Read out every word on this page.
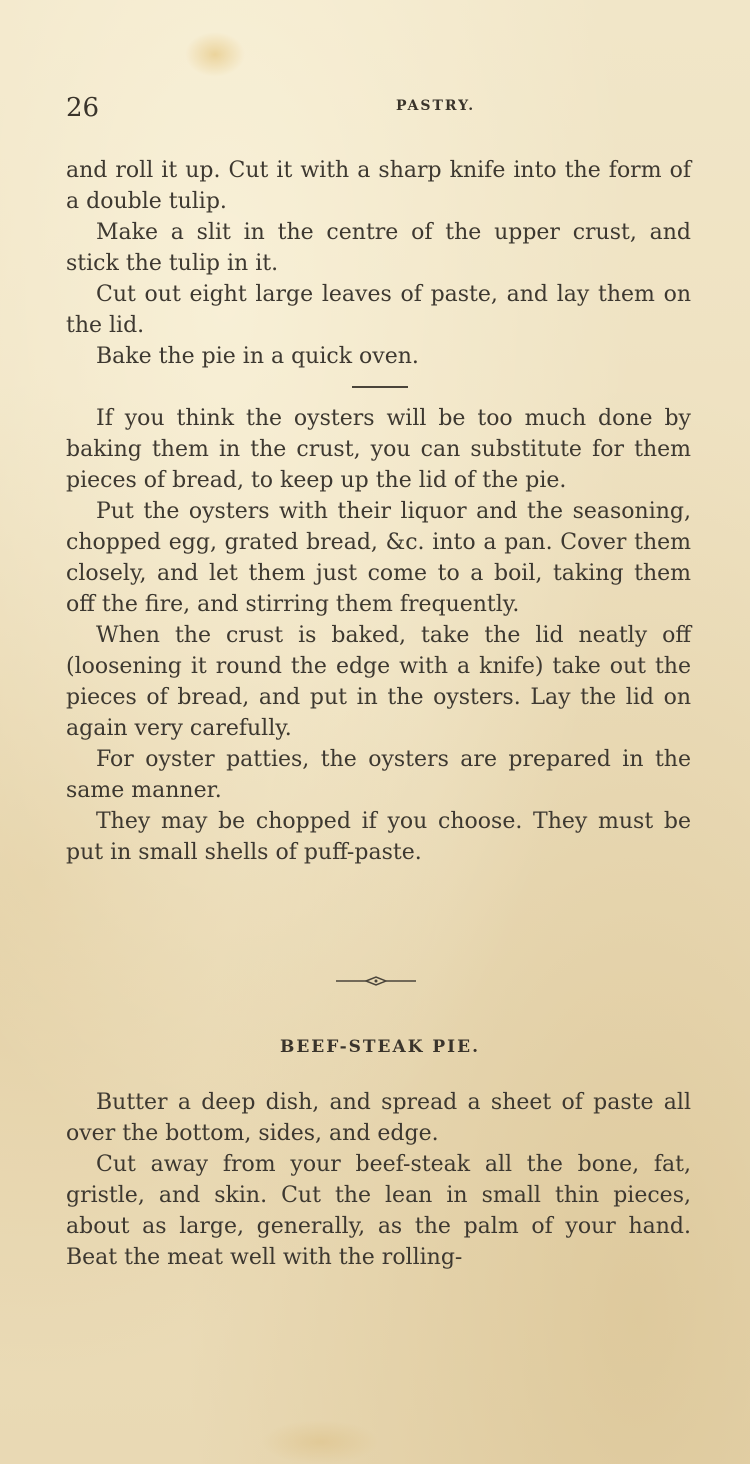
26	PASTRY.

and roll it up. Cut it with a sharp knife into the form of a double tulip.

Make a slit in the centre of the upper crust, and stick the tulip in it.

Cut out eight large leaves of paste, and lay them on the lid.

Bake the pie in a quick oven.

If you think the oysters will be too much done by baking them in the crust, you can substitute for them pieces of bread, to keep up the lid of the pie.

Put the oysters with their liquor and the seasoning, chopped egg, grated bread, &c. into a pan. Cover them closely, and let them just come to a boil, taking them off the fire, and stirring them frequently.

When the crust is baked, take the lid neatly off (loosening it round the edge with a knife) take out the pieces of bread, and put in the oysters. Lay the lid on again very carefully.

For oyster patties, the oysters are prepared in the same manner.

They may be chopped if you choose. They must be put in small shells of puff-paste.

BEEF-STEAK PIE.

Butter a deep dish, and spread a sheet of paste all over the bottom, sides, and edge.

Cut away from your beef-steak all the bone, fat, gristle, and skin. Cut the lean in small thin pieces, about as large, generally, as the palm of your hand. Beat the meat well with the rolling-
